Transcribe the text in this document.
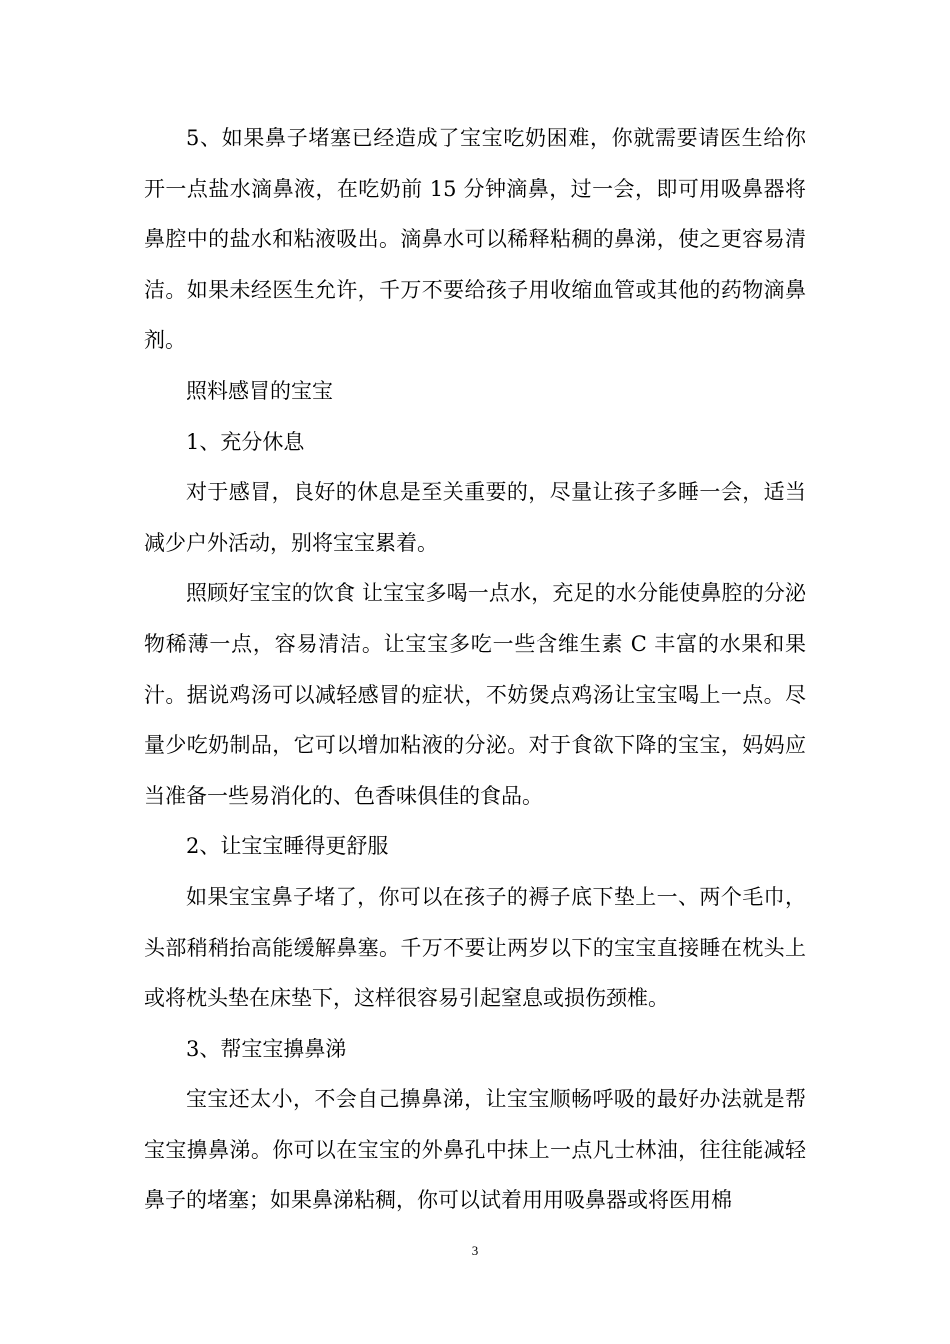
5、如果鼻子堵塞已经造成了宝宝吃奶困难，你就需要请医生给你开一点盐水滴鼻液，在吃奶前 15 分钟滴鼻，过一会，即可用吸鼻器将鼻腔中的盐水和粘液吸出。滴鼻水可以稀释粘稠的鼻涕，使之更容易清洁。如果未经医生允许，千万不要给孩子用收缩血管或其他的药物滴鼻剂。

照料感冒的宝宝

1、充分休息

对于感冒，良好的休息是至关重要的，尽量让孩子多睡一会，适当减少户外活动，别将宝宝累着。

照顾好宝宝的饮食 让宝宝多喝一点水，充足的水分能使鼻腔的分泌物稀薄一点，容易清洁。让宝宝多吃一些含维生素 C 丰富的水果和果汁。据说鸡汤可以减轻感冒的症状，不妨煲点鸡汤让宝宝喝上一点。尽量少吃奶制品，它可以增加粘液的分泌。对于食欲下降的宝宝，妈妈应当准备一些易消化的、色香味俱佳的食品。

2、让宝宝睡得更舒服

如果宝宝鼻子堵了，你可以在孩子的褥子底下垫上一、两个毛巾，头部稍稍抬高能缓解鼻塞。千万不要让两岁以下的宝宝直接睡在枕头上或将枕头垫在床垫下，这样很容易引起窒息或损伤颈椎。

3、帮宝宝擤鼻涕

宝宝还太小，不会自己擤鼻涕，让宝宝顺畅呼吸的最好办法就是帮宝宝擤鼻涕。你可以在宝宝的外鼻孔中抹上一点凡士林油，往往能减轻鼻子的堵塞；如果鼻涕粘稠，你可以试着用用吸鼻器或将医用棉

3
